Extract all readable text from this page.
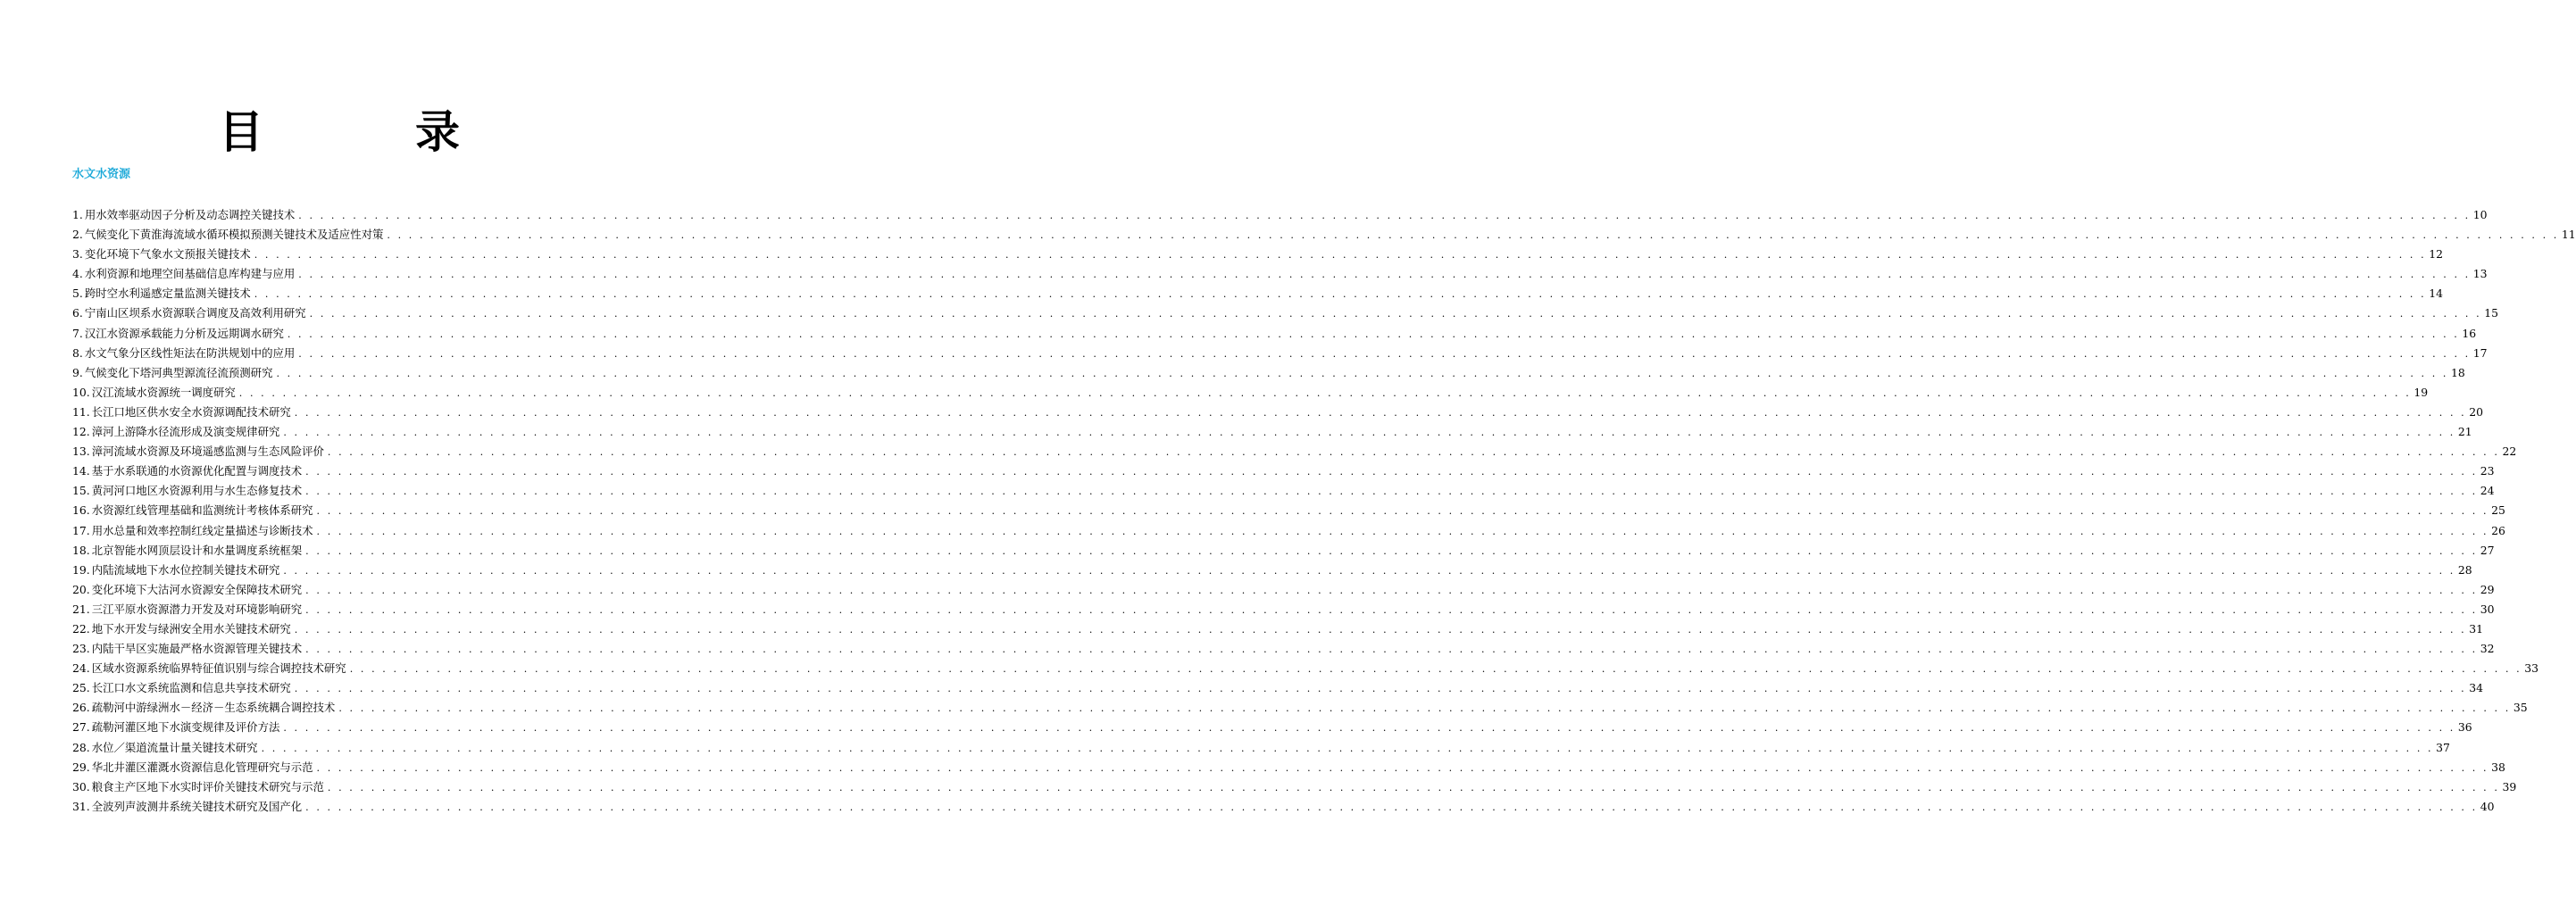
目　录
水文水资源
1. 用水效率驱动因子分析及动态调控关键技术 . . . . . . . . . . . . . . . . . . . . . . . . . . . . . . . . . . . . . . . . . . . . . . . . . . . . . . . . . . . . . . . . . . . . . . . . . . . . . . . . . . . . . . . . . . . . . . . . . . . . . . . . . . . . . . . . . . . . . . . . . . . . . . . . . . . . . . . . . . . . . . . . . . . . . . . . . . . . . . . . . . . . . . . . . . . . . . . . . . . . . . . . . . . . . . . . . . . . . . . . 10
2. 气候变化下黄淮海流域水循环模拟预测关键技术及适应性对策 . . . . . . . . . . . . . . . . . . . . . . . . . . . . . . . . . . . . . . . . . . . . . . . . . . . . . . . . . . . . . . . . . . . . . . . . . . . . . . . . . . . . . . . . . . . . . . . . . . . . . . . . . . . . . . . . . . . . . . . . . . . . . . . . . . . . . . . . . . . . . . . . . . . . . . . . . . . . . . . . . . . . . . . . . . . . . . . . . . . . . . . . . . . . . . . . . . . . . . . . 11
3. 变化环境下气象水文预报关键技术 . . . . . . . . . . . . . . . . . . . . . . . . . . . . . . . . . . . . . . . . . . . . . . . . . . . . . . . . . . . . . . . . . . . . . . . . . . . . . . . . . . . . . . . . . . . . . . . . . . . . . . . . . . . . . . . . . . . . . . . . . . . . . . . . . . . . . . . . . . . . . . . . . . . . . . . . . . . . . . . . . . . . . . . . . . . . . . . . . . . . . . . . . . . . . . . . . . . . . . . . 12
4. 水利资源和地理空间基础信息库构建与应用 . . . . . . . . . . . . . . . . . . . . . . . . . . . . . . . . . . . . . . . . . . . . . . . . . . . . . . . . . . . . . . . . . . . . . . . . . . . . . . . . . . . . . . . . . . . . . . . . . . . . . . . . . . . . . . . . . . . . . . . . . . . . . . . . . . . . . . . . . . . . . . . . . . . . . . . . . . . . . . . . . . . . . . . . . . . . . . . . . . . . . . . . . . . . . . . . . . . . . . . . 13
5. 跨时空水利遥感定量监测关键技术 . . . . . . . . . . . . . . . . . . . . . . . . . . . . . . . . . . . . . . . . . . . . . . . . . . . . . . . . . . . . . . . . . . . . . . . . . . . . . . . . . . . . . . . . . . . . . . . . . . . . . . . . . . . . . . . . . . . . . . . . . . . . . . . . . . . . . . . . . . . . . . . . . . . . . . . . . . . . . . . . . . . . . . . . . . . . . . . . . . . . . . . . . . . . . . . . . . . . . . . . 14
6. 宁南山区坝系水资源联合调度及高效利用研究 . . . . . . . . . . . . . . . . . . . . . . . . . . . . . . . . . . . . . . . . . . . . . . . . . . . . . . . . . . . . . . . . . . . . . . . . . . . . . . . . . . . . . . . . . . . . . . . . . . . . . . . . . . . . . . . . . . . . . . . . . . . . . . . . . . . . . . . . . . . . . . . . . . . . . . . . . . . . . . . . . . . . . . . . . . . . . . . . . . . . . . . . . . . . . . . . . . . . . . . . 15
7. 汉江水资源承载能力分析及远期调水研究 . . . . . . . . . . . . . . . . . . . . . . . . . . . . . . . . . . . . . . . . . . . . . . . . . . . . . . . . . . . . . . . . . . . . . . . . . . . . . . . . . . . . . . . . . . . . . . . . . . . . . . . . . . . . . . . . . . . . . . . . . . . . . . . . . . . . . . . . . . . . . . . . . . . . . . . . . . . . . . . . . . . . . . . . . . . . . . . . . . . . . . . . . . . . . . . . . . . . . . . . 16
8. 水文气象分区线性矩法在防洪规划中的应用 . . . . . . . . . . . . . . . . . . . . . . . . . . . . . . . . . . . . . . . . . . . . . . . . . . . . . . . . . . . . . . . . . . . . . . . . . . . . . . . . . . . . . . . . . . . . . . . . . . . . . . . . . . . . . . . . . . . . . . . . . . . . . . . . . . . . . . . . . . . . . . . . . . . . . . . . . . . . . . . . . . . . . . . . . . . . . . . . . . . . . . . . . . . . . . . . . . . . . . . . 17
9. 气候变化下塔河典型源流径流预测研究 . . . . . . . . . . . . . . . . . . . . . . . . . . . . . . . . . . . . . . . . . . . . . . . . . . . . . . . . . . . . . . . . . . . . . . . . . . . . . . . . . . . . . . . . . . . . . . . . . . . . . . . . . . . . . . . . . . . . . . . . . . . . . . . . . . . . . . . . . . . . . . . . . . . . . . . . . . . . . . . . . . . . . . . . . . . . . . . . . . . . . . . . . . . . . . . . . . . . . . . . 18
10. 汉江流域水资源统一调度研究 . . . . . . . . . . . . . . . . . . . . . . . . . . . . . . . . . . . . . . . . . . . . . . . . . . . . . . . . . . . . . . . . . . . . . . . . . . . . . . . . . . . . . . . . . . . . . . . . . . . . . . . . . . . . . . . . . . . . . . . . . . . . . . . . . . . . . . . . . . . . . . . . . . . . . . . . . . . . . . . . . . . . . . . . . . . . . . . . . . . . . . . . . . . . . . . . . . . . . . . . 19
11. 长江口地区供水安全水资源调配技术研究 . . . . . . . . . . . . . . . . . . . . . . . . . . . . . . . . . . . . . . . . . . . . . . . . . . . . . . . . . . . . . . . . . . . . . . . . . . . . . . . . . . . . . . . . . . . . . . . . . . . . . . . . . . . . . . . . . . . . . . . . . . . . . . . . . . . . . . . . . . . . . . . . . . . . . . . . . . . . . . . . . . . . . . . . . . . . . . . . . . . . . . . . . . . . . . . . . . . . . . . . 20
12. 漳河上游降水径流形成及演变规律研究 . . . . . . . . . . . . . . . . . . . . . . . . . . . . . . . . . . . . . . . . . . . . . . . . . . . . . . . . . . . . . . . . . . . . . . . . . . . . . . . . . . . . . . . . . . . . . . . . . . . . . . . . . . . . . . . . . . . . . . . . . . . . . . . . . . . . . . . . . . . . . . . . . . . . . . . . . . . . . . . . . . . . . . . . . . . . . . . . . . . . . . . . . . . . . . . . . . . . . . . . 21
13. 漳河流域水资源及环境遥感监测与生态风险评价 . . . . . . . . . . . . . . . . . . . . . . . . . . . . . . . . . . . . . . . . . . . . . . . . . . . . . . . . . . . . . . . . . . . . . . . . . . . . . . . . . . . . . . . . . . . . . . . . . . . . . . . . . . . . . . . . . . . . . . . . . . . . . . . . . . . . . . . . . . . . . . . . . . . . . . . . . . . . . . . . . . . . . . . . . . . . . . . . . . . . . . . . . . . . . . . . . . . . . . . . 22
14. 基于水系联通的水资源优化配置与调度技术 . . . . . . . . . . . . . . . . . . . . . . . . . . . . . . . . . . . . . . . . . . . . . . . . . . . . . . . . . . . . . . . . . . . . . . . . . . . . . . . . . . . . . . . . . . . . . . . . . . . . . . . . . . . . . . . . . . . . . . . . . . . . . . . . . . . . . . . . . . . . . . . . . . . . . . . . . . . . . . . . . . . . . . . . . . . . . . . . . . . . . . . . . . . . . . . . . . . . . . . . 23
15. 黄河河口地区水资源利用与水生态修复技术 . . . . . . . . . . . . . . . . . . . . . . . . . . . . . . . . . . . . . . . . . . . . . . . . . . . . . . . . . . . . . . . . . . . . . . . . . . . . . . . . . . . . . . . . . . . . . . . . . . . . . . . . . . . . . . . . . . . . . . . . . . . . . . . . . . . . . . . . . . . . . . . . . . . . . . . . . . . . . . . . . . . . . . . . . . . . . . . . . . . . . . . . . . . . . . . . . . . . . . . . 24
16. 水资源红线管理基础和监测统计考核体系研究 . . . . . . . . . . . . . . . . . . . . . . . . . . . . . . . . . . . . . . . . . . . . . . . . . . . . . . . . . . . . . . . . . . . . . . . . . . . . . . . . . . . . . . . . . . . . . . . . . . . . . . . . . . . . . . . . . . . . . . . . . . . . . . . . . . . . . . . . . . . . . . . . . . . . . . . . . . . . . . . . . . . . . . . . . . . . . . . . . . . . . . . . . . . . . . . . . . . . . . . . 25
17. 用水总量和效率控制红线定量描述与诊断技术 . . . . . . . . . . . . . . . . . . . . . . . . . . . . . . . . . . . . . . . . . . . . . . . . . . . . . . . . . . . . . . . . . . . . . . . . . . . . . . . . . . . . . . . . . . . . . . . . . . . . . . . . . . . . . . . . . . . . . . . . . . . . . . . . . . . . . . . . . . . . . . . . . . . . . . . . . . . . . . . . . . . . . . . . . . . . . . . . . . . . . . . . . . . . . . . . . . . . . . . . 26
18. 北京智能水网顶层设计和水量调度系统框架 . . . . . . . . . . . . . . . . . . . . . . . . . . . . . . . . . . . . . . . . . . . . . . . . . . . . . . . . . . . . . . . . . . . . . . . . . . . . . . . . . . . . . . . . . . . . . . . . . . . . . . . . . . . . . . . . . . . . . . . . . . . . . . . . . . . . . . . . . . . . . . . . . . . . . . . . . . . . . . . . . . . . . . . . . . . . . . . . . . . . . . . . . . . . . . . . . . . . . . . . 27
19. 内陆流域地下水水位控制关键技术研究 . . . . . . . . . . . . . . . . . . . . . . . . . . . . . . . . . . . . . . . . . . . . . . . . . . . . . . . . . . . . . . . . . . . . . . . . . . . . . . . . . . . . . . . . . . . . . . . . . . . . . . . . . . . . . . . . . . . . . . . . . . . . . . . . . . . . . . . . . . . . . . . . . . . . . . . . . . . . . . . . . . . . . . . . . . . . . . . . . . . . . . . . . . . . . . . . . . . . . . . . 28
20. 变化环境下大沽河水资源安全保障技术研究 . . . . . . . . . . . . . . . . . . . . . . . . . . . . . . . . . . . . . . . . . . . . . . . . . . . . . . . . . . . . . . . . . . . . . . . . . . . . . . . . . . . . . . . . . . . . . . . . . . . . . . . . . . . . . . . . . . . . . . . . . . . . . . . . . . . . . . . . . . . . . . . . . . . . . . . . . . . . . . . . . . . . . . . . . . . . . . . . . . . . . . . . . . . . . . . . . . . . . . . . 29
21. 三江平原水资源潜力开发及对环境影响研究 . . . . . . . . . . . . . . . . . . . . . . . . . . . . . . . . . . . . . . . . . . . . . . . . . . . . . . . . . . . . . . . . . . . . . . . . . . . . . . . . . . . . . . . . . . . . . . . . . . . . . . . . . . . . . . . . . . . . . . . . . . . . . . . . . . . . . . . . . . . . . . . . . . . . . . . . . . . . . . . . . . . . . . . . . . . . . . . . . . . . . . . . . . . . . . . . . . . . . . . . 30
22. 地下水开发与绿洲安全用水关键技术研究 . . . . . . . . . . . . . . . . . . . . . . . . . . . . . . . . . . . . . . . . . . . . . . . . . . . . . . . . . . . . . . . . . . . . . . . . . . . . . . . . . . . . . . . . . . . . . . . . . . . . . . . . . . . . . . . . . . . . . . . . . . . . . . . . . . . . . . . . . . . . . . . . . . . . . . . . . . . . . . . . . . . . . . . . . . . . . . . . . . . . . . . . . . . . . . . . . . . . . . . . 31
23. 内陆干旱区实施最严格水资源管理关键技术 . . . . . . . . . . . . . . . . . . . . . . . . . . . . . . . . . . . . . . . . . . . . . . . . . . . . . . . . . . . . . . . . . . . . . . . . . . . . . . . . . . . . . . . . . . . . . . . . . . . . . . . . . . . . . . . . . . . . . . . . . . . . . . . . . . . . . . . . . . . . . . . . . . . . . . . . . . . . . . . . . . . . . . . . . . . . . . . . . . . . . . . . . . . . . . . . . . . . . . . . 32
24. 区域水资源系统临界特征值识别与综合调控技术研究 . . . . . . . . . . . . . . . . . . . . . . . . . . . . . . . . . . . . . . . . . . . . . . . . . . . . . . . . . . . . . . . . . . . . . . . . . . . . . . . . . . . . . . . . . . . . . . . . . . . . . . . . . . . . . . . . . . . . . . . . . . . . . . . . . . . . . . . . . . . . . . . . . . . . . . . . . . . . . . . . . . . . . . . . . . . . . . . . . . . . . . . . . . . . . . . . . . . . . . . . 33
25. 长江口水文系统监测和信息共享技术研究 . . . . . . . . . . . . . . . . . . . . . . . . . . . . . . . . . . . . . . . . . . . . . . . . . . . . . . . . . . . . . . . . . . . . . . . . . . . . . . . . . . . . . . . . . . . . . . . . . . . . . . . . . . . . . . . . . . . . . . . . . . . . . . . . . . . . . . . . . . . . . . . . . . . . . . . . . . . . . . . . . . . . . . . . . . . . . . . . . . . . . . . . . . . . . . . . . . . . . . . . 34
26. 疏勒河中游绿洲水－经济－生态系统耦合调控技术 . . . . . . . . . . . . . . . . . . . . . . . . . . . . . . . . . . . . . . . . . . . . . . . . . . . . . . . . . . . . . . . . . . . . . . . . . . . . . . . . . . . . . . . . . . . . . . . . . . . . . . . . . . . . . . . . . . . . . . . . . . . . . . . . . . . . . . . . . . . . . . . . . . . . . . . . . . . . . . . . . . . . . . . . . . . . . . . . . . . . . . . . . . . . . . . . . . . . . . . . 35
27. 疏勒河灌区地下水演变规律及评价方法 . . . . . . . . . . . . . . . . . . . . . . . . . . . . . . . . . . . . . . . . . . . . . . . . . . . . . . . . . . . . . . . . . . . . . . . . . . . . . . . . . . . . . . . . . . . . . . . . . . . . . . . . . . . . . . . . . . . . . . . . . . . . . . . . . . . . . . . . . . . . . . . . . . . . . . . . . . . . . . . . . . . . . . . . . . . . . . . . . . . . . . . . . . . . . . . . . . . . . . . . 36
28. 水位／渠道流量计量关键技术研究 . . . . . . . . . . . . . . . . . . . . . . . . . . . . . . . . . . . . . . . . . . . . . . . . . . . . . . . . . . . . . . . . . . . . . . . . . . . . . . . . . . . . . . . . . . . . . . . . . . . . . . . . . . . . . . . . . . . . . . . . . . . . . . . . . . . . . . . . . . . . . . . . . . . . . . . . . . . . . . . . . . . . . . . . . . . . . . . . . . . . . . . . . . . . . . . . . . . . . . . . 37
29. 华北井灌区灌溉水资源信息化管理研究与示范 . . . . . . . . . . . . . . . . . . . . . . . . . . . . . . . . . . . . . . . . . . . . . . . . . . . . . . . . . . . . . . . . . . . . . . . . . . . . . . . . . . . . . . . . . . . . . . . . . . . . . . . . . . . . . . . . . . . . . . . . . . . . . . . . . . . . . . . . . . . . . . . . . . . . . . . . . . . . . . . . . . . . . . . . . . . . . . . . . . . . . . . . . . . . . . . . . . . . . . . . 38
30. 粮食主产区地下水实时评价关键技术研究与示范 . . . . . . . . . . . . . . . . . . . . . . . . . . . . . . . . . . . . . . . . . . . . . . . . . . . . . . . . . . . . . . . . . . . . . . . . . . . . . . . . . . . . . . . . . . . . . . . . . . . . . . . . . . . . . . . . . . . . . . . . . . . . . . . . . . . . . . . . . . . . . . . . . . . . . . . . . . . . . . . . . . . . . . . . . . . . . . . . . . . . . . . . . . . . . . . . . . . . . . . . 39
31. 全波列声波测井系统关键技术研究及国产化 . . . . . . . . . . . . . . . . . . . . . . . . . . . . . . . . . . . . . . . . . . . . . . . . . . . . . . . . . . . . . . . . . . . . . . . . . . . . . . . . . . . . . . . . . . . . . . . . . . . . . . . . . . . . . . . . . . . . . . . . . . . . . . . . . . . . . . . . . . . . . . . . . . . . . . . . . . . . . . . . . . . . . . . . . . . . . . . . . . . . . . . . . . . . . . . . . . . . . . . . 40
